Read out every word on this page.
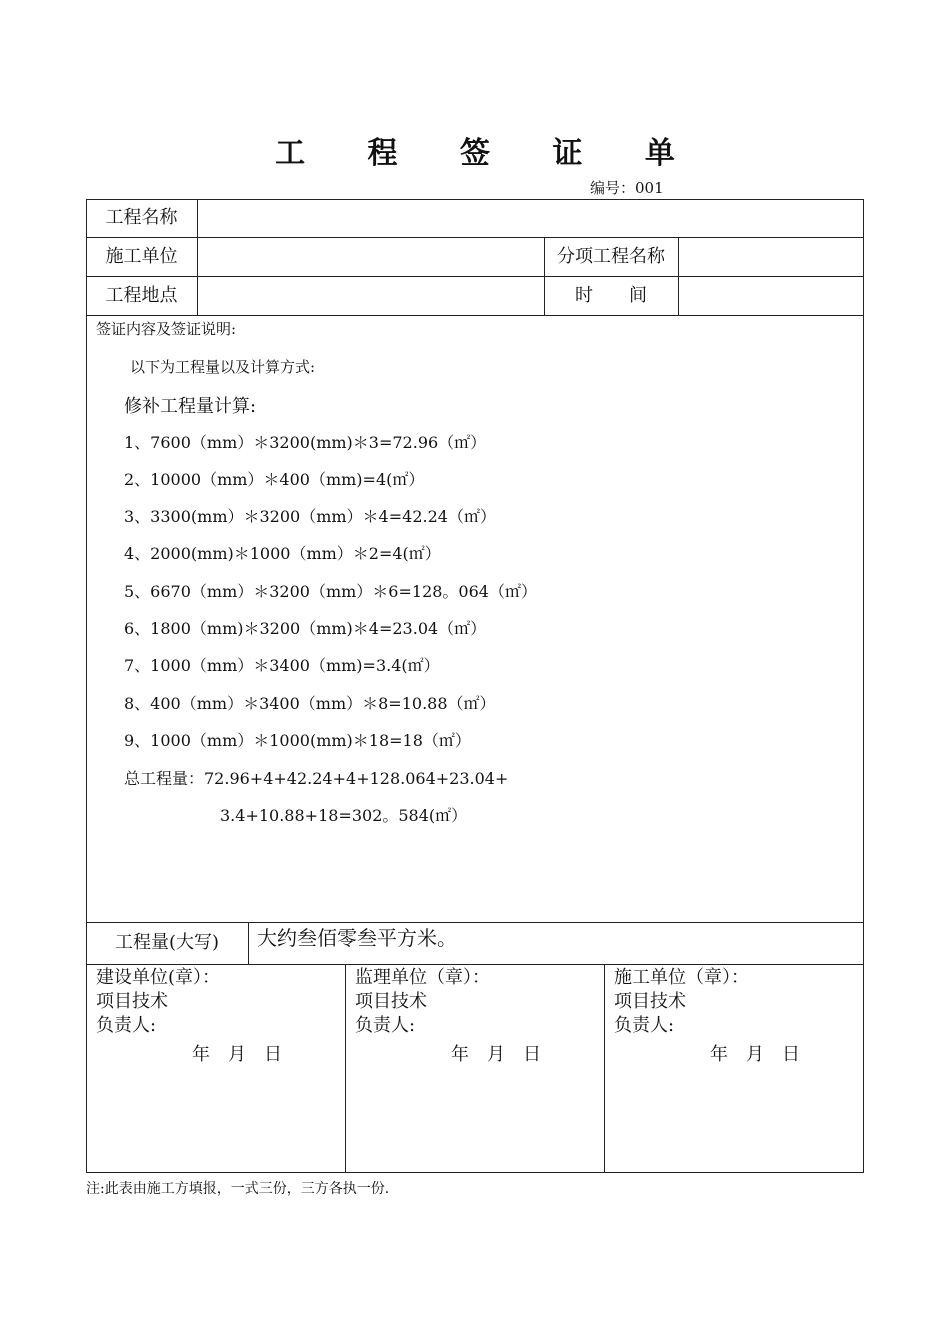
工 程 签 证 单
编号：001
工程名称
施工单位	分项工程名称
工程地点	时　　间
签证内容及签证说明:
以下为工程量以及计算方式:
修补工程量计算:
1、7600（mm）＊3200(mm)＊3=72.96（㎡）
2、10000（mm）＊400（mm)=4(㎡）
3、3300(mm）＊3200（mm）＊4=42.24（㎡）
4、2000(mm)＊1000（mm）＊2=4(㎡）
5、6670（mm）＊3200（mm）＊6=128。064（㎡）
6、1800（mm)＊3200（mm)＊4=23.04（㎡）
7、1000（mm）＊3400（mm)=3.4(㎡）
8、400（mm）＊3400（mm）＊8=10.88（㎡）
9、1000（mm）＊1000(mm)＊18=18（㎡）
总工程量：72.96+4+42.24+4+128.064+23.04+
3.4+10.88+18=302。584(㎡）
工程量(大写)	大约叁佰零叁平方米。
建设单位(章）：
项目技术
负责人:
年　月　日
监理单位（章）：
项目技术
负责人:
年　月　日
施工单位（章）：
项目技术
负责人:
年　月　日
注:此表由施工方填报，一式三份，三方各执一份.
